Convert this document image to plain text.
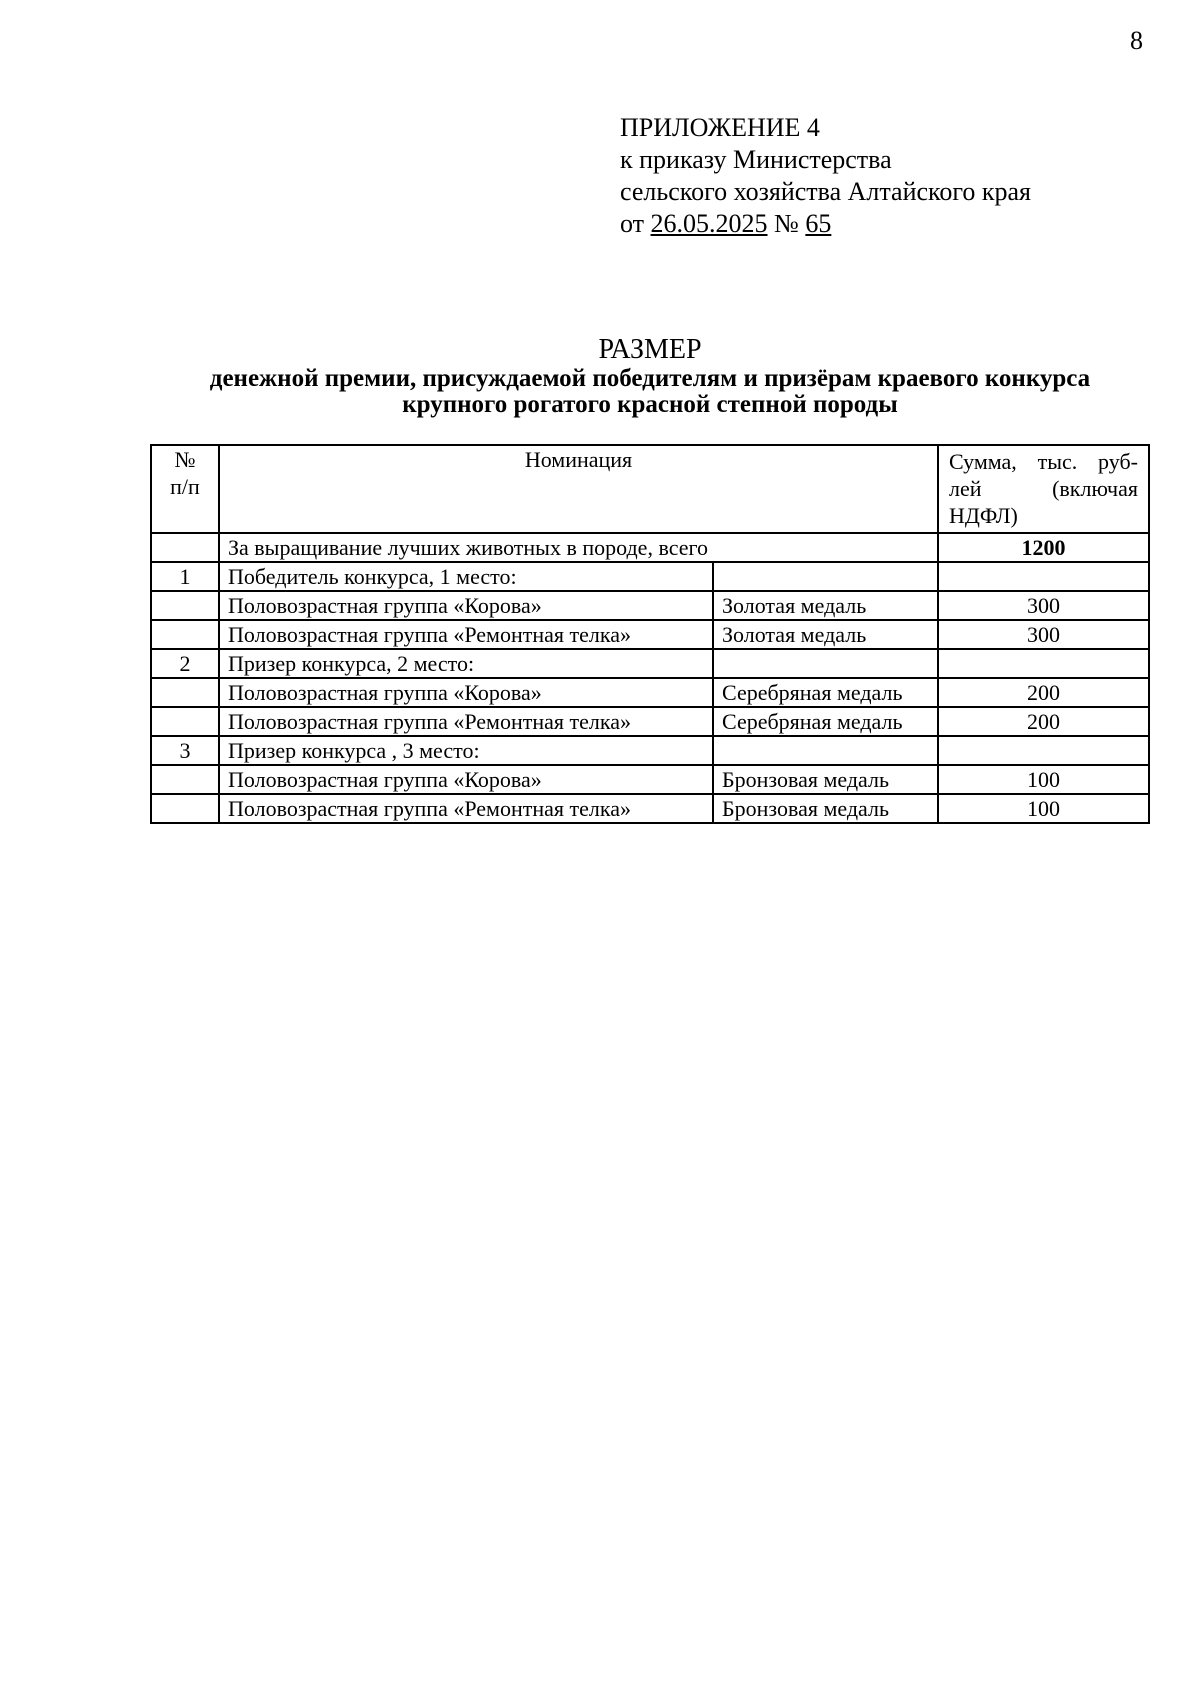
8
ПРИЛОЖЕНИЕ 4
к приказу Министерства
сельского хозяйства Алтайского края
от 26.05.2025 № 65
РАЗМЕР
денежной премии, присуждаемой победителям и призёрам краевого конкурса
крупного рогатого красной степной породы
№
п/п	Номинация		Сумма, тыс. руб-лей (включая НДФЛ)
	За выращивание лучших животных в породе, всего		1200
1	Победитель конкурса, 1 место:		
	Половозрастная группа «Корова»	Золотая медаль	300
	Половозрастная группа «Ремонтная телка»	Золотая медаль	300
2	Призер конкурса, 2 место:		
	Половозрастная группа «Корова»	Серебряная медаль	200
	Половозрастная группа «Ремонтная телка»	Серебряная медаль	200
3	Призер конкурса , 3 место:		
	Половозрастная группа «Корова»	Бронзовая медаль	100
	Половозрастная группа «Ремонтная телка»	Бронзовая медаль	100
